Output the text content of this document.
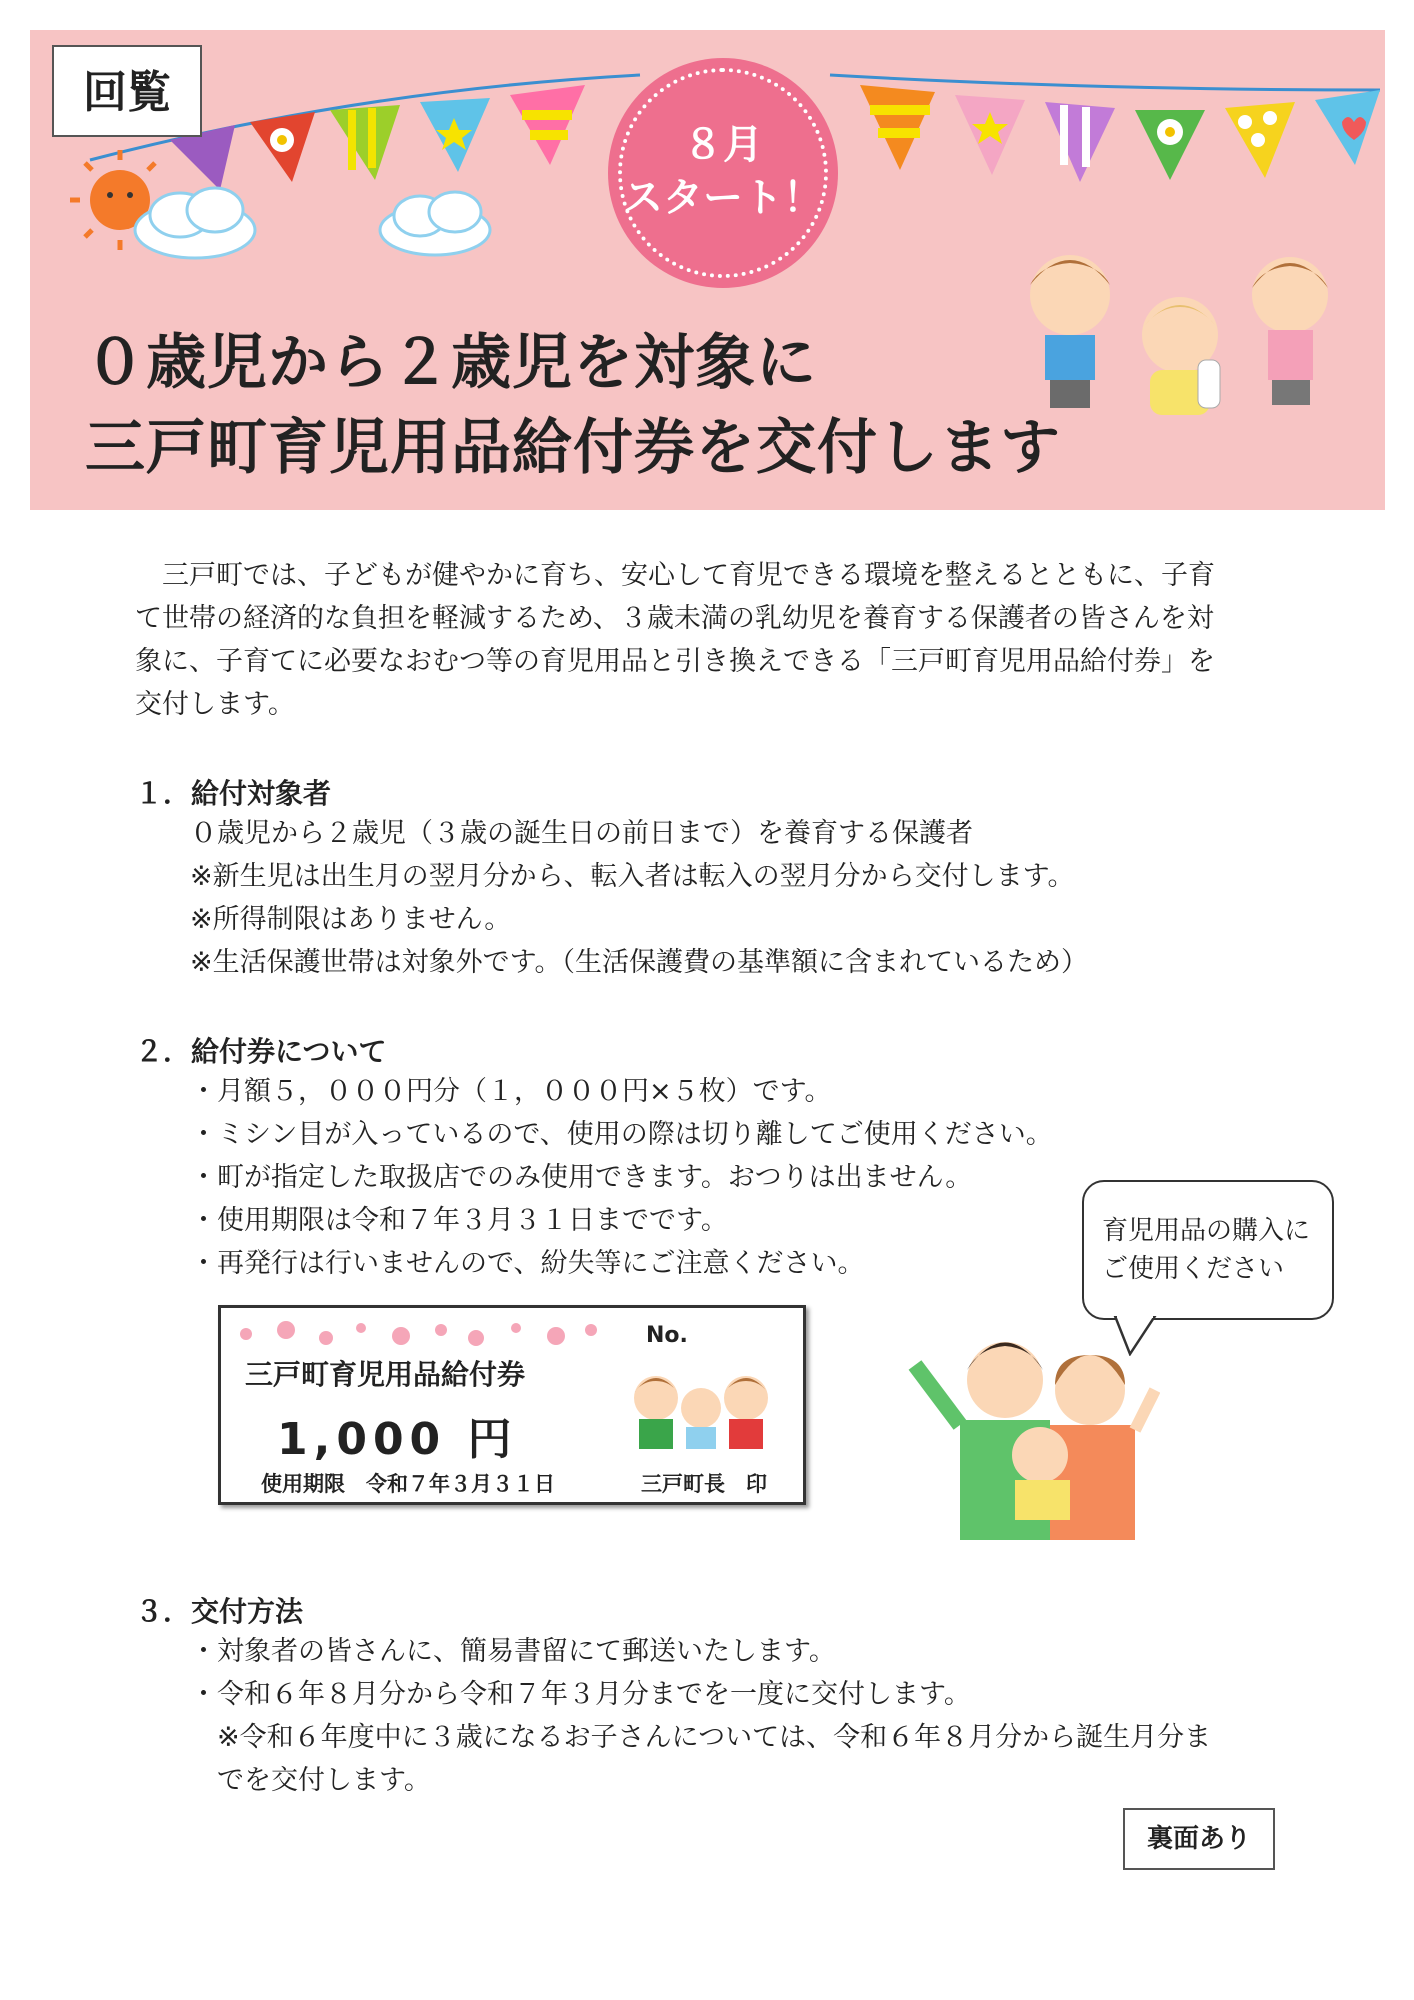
回覧
８月
スタート！
０歳児から２歳児を対象に
三戸町育児用品給付券を交付します
　三戸町では、子どもが健やかに育ち、安心して育児できる環境を整えるとともに、子育
て世帯の経済的な負担を軽減するため、３歳未満の乳幼児を養育する保護者の皆さんを対
象に、子育てに必要なおむつ等の育児用品と引き換えできる「三戸町育児用品給付券」を
交付します。
１．給付対象者
０歳児から２歳児（３歳の誕生日の前日まで）を養育する保護者
※新生児は出生月の翌月分から、転入者は転入の翌月分から交付します。
※所得制限はありません。
※生活保護世帯は対象外です。（生活保護費の基準額に含まれているため）
２．給付券について
・月額５，０００円分（１，０００円×５枚）です。
・ミシン目が入っているので、使用の際は切り離してご使用ください。
・町が指定した取扱店でのみ使用できます。おつりは出ません。
・使用期限は令和７年３月３１日までです。
・再発行は行いませんので、紛失等にご注意ください。
No.
三戸町育児用品給付券
1,000 円
使用期限　令和７年３月３１日	三戸町長　印
育児用品の購入に
ご使用ください
３．交付方法
・対象者の皆さんに、簡易書留にて郵送いたします。
・令和６年８月分から令和７年３月分までを一度に交付します。
　※令和６年度中に３歳になるお子さんについては、令和６年８月分から誕生月分ま
　でを交付します。
裏面あり
